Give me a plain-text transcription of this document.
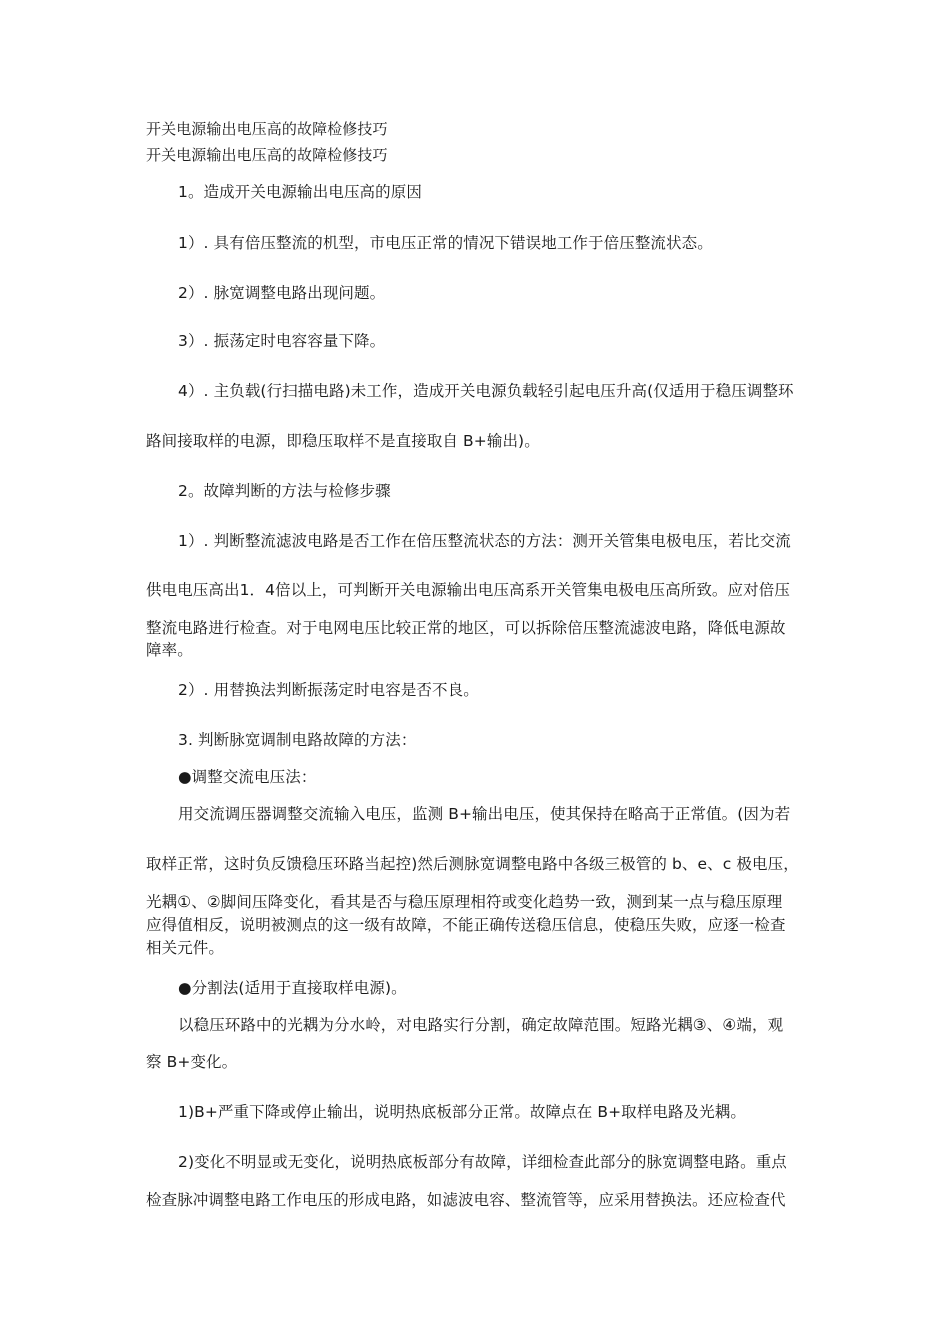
开关电源输出电压高的故障检修技巧
开关电源输出电压高的故障检修技巧
1。造成开关电源输出电压高的原因
1）. 具有倍压整流的机型，市电压正常的情况下错误地工作于倍压整流状态。
2）. 脉宽调整电路出现问题。
3）. 振荡定时电容容量下降。
4）. 主负载(行扫描电路)未工作，造成开关电源负载轻引起电压升高(仅适用于稳压调整环
路间接取样的电源，即稳压取样不是直接取自 B+输出)。
2。故障判断的方法与检修步骤
1）. 判断整流滤波电路是否工作在倍压整流状态的方法：测开关管集电极电压，若比交流
供电电压高出1．4倍以上，可判断开关电源输出电压高系开关管集电极电压高所致。应对倍压
整流电路进行检查。对于电网电压比较正常的地区，可以拆除倍压整流滤波电路，降低电源故
障率。
2）. 用替换法判断振荡定时电容是否不良。
3. 判断脉宽调制电路故障的方法：
●调整交流电压法：
用交流调压器调整交流输入电压，监测 B+输出电压，使其保持在略高于正常值。(因为若
取样正常，这时负反馈稳压环路当起控)然后测脉宽调整电路中各级三极管的 b、e、c 极电压，
光耦①、②脚间压降变化，看其是否与稳压原理相符或变化趋势一致，测到某一点与稳压原理
应得值相反，说明被测点的这一级有故障，不能正确传送稳压信息，使稳压失败，应逐一检查
相关元件。
●分割法(适用于直接取样电源)。
以稳压环路中的光耦为分水岭，对电路实行分割，确定故障范围。短路光耦③、④端，观
察 B+变化。
1)B+严重下降或停止输出，说明热底板部分正常。故障点在 B+取样电路及光耦。
2)变化不明显或无变化，说明热底板部分有故障，详细检查此部分的脉宽调整电路。重点
检查脉冲调整电路工作电压的形成电路，如滤波电容、整流管等，应采用替换法。还应检查代
